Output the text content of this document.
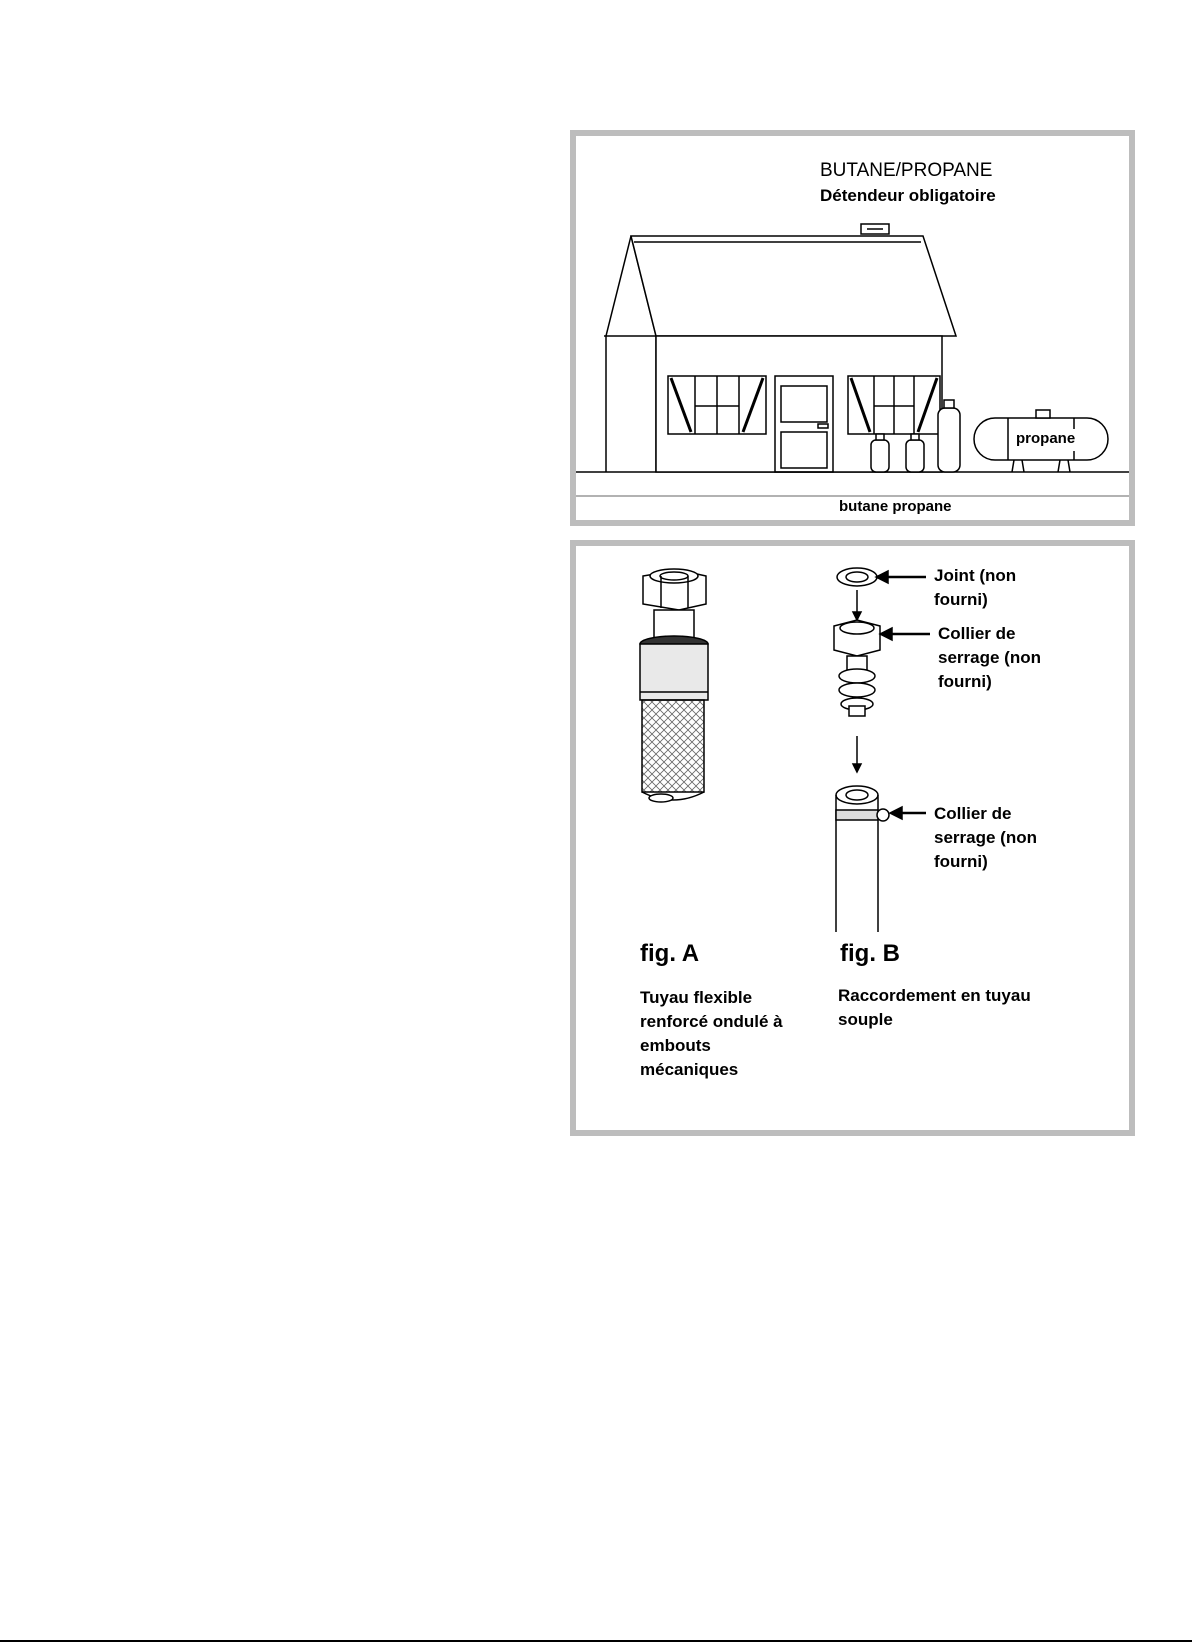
BUTANE/PROPANE
Détendeur obligatoire
propane
butane propane
Joint (non
fourni)
Collier de
serrage (non
fourni)
Collier de
serrage (non
fourni)
fig. A	fig. B
Tuyau flexible
renforcé ondulé à
embouts
mécaniques
Raccordement en tuyau
souple
